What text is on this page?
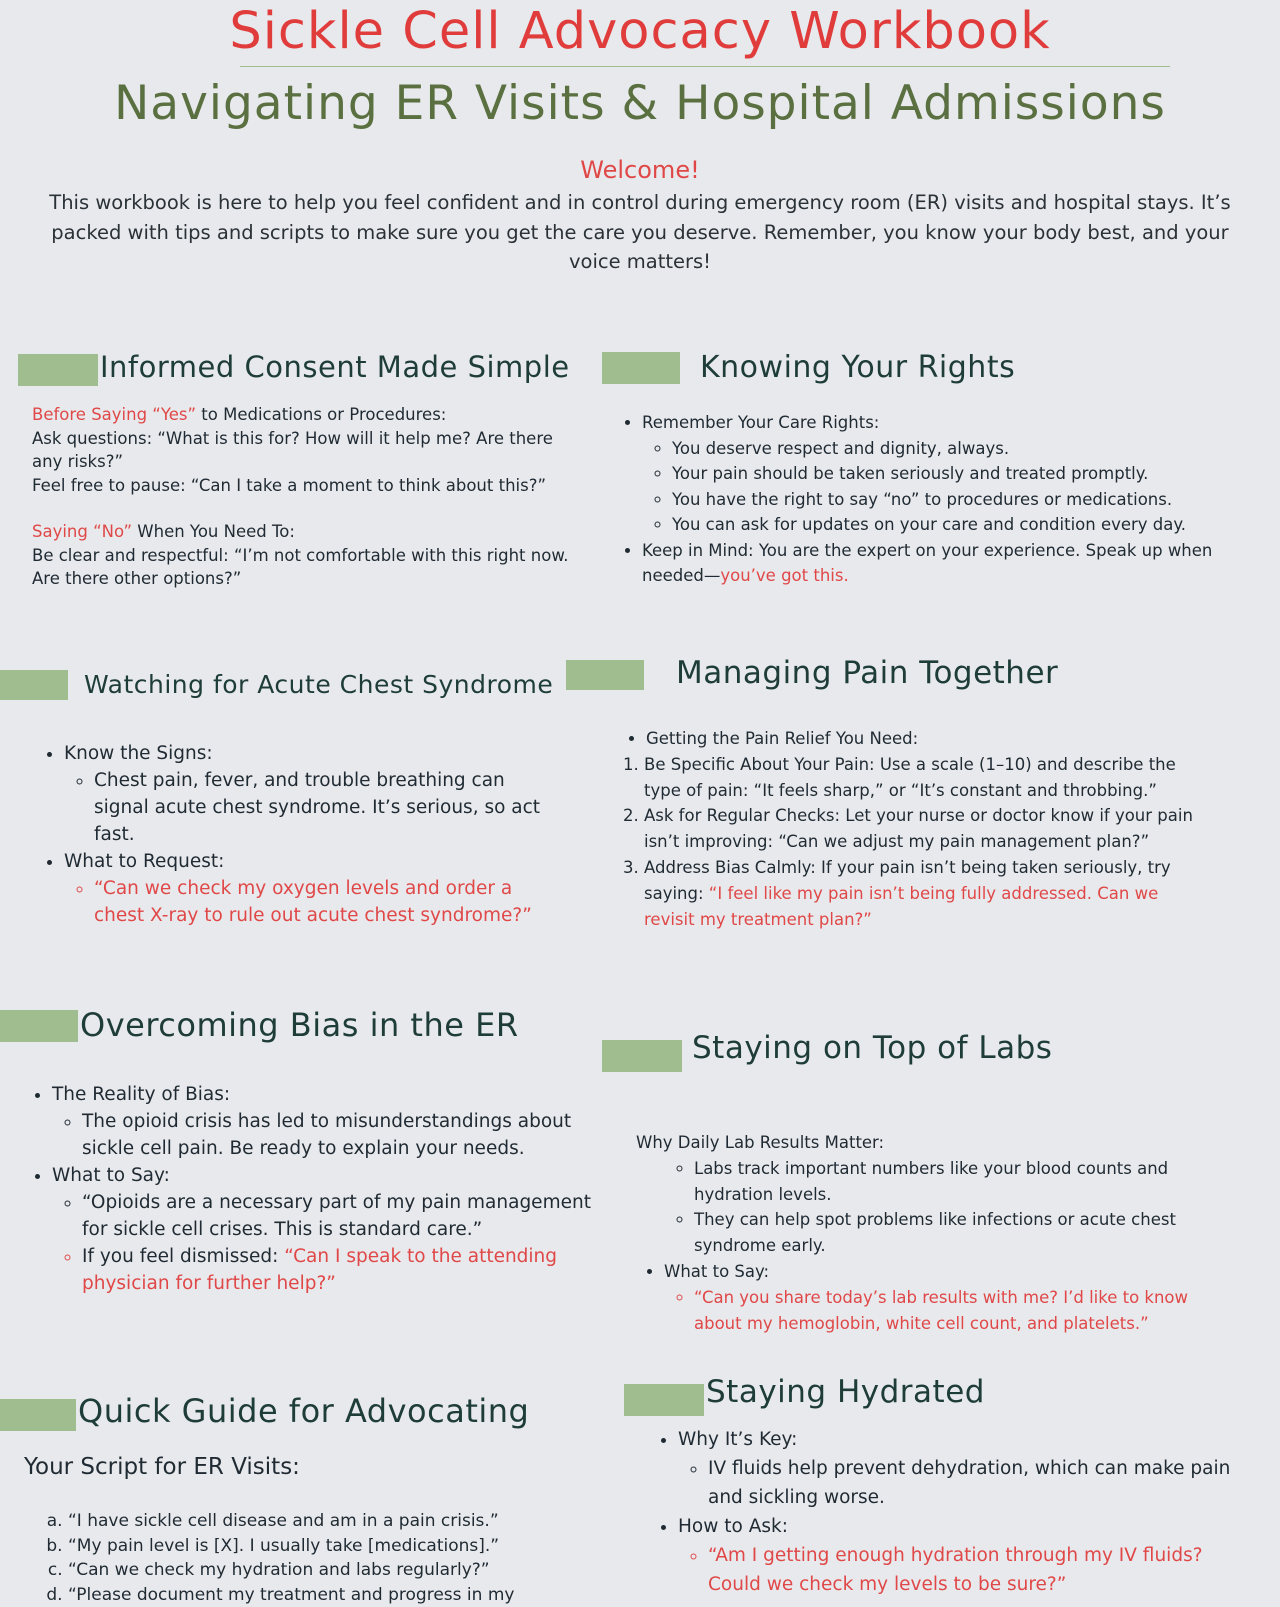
Sickle Cell Advocacy Workbook
Navigating ER Visits & Hospital Admissions
Welcome!

This workbook is here to help you feel confident and in control during emergency room (ER) visits and hospital stays. It’s packed with tips and scripts to make sure you get the care you deserve. Remember, you know your body best, and your voice matters!

Informed Consent Made Simple

Before Saying “Yes” to Medications or Procedures:

Ask questions: “What is this for? How will it help me? Are there any risks?”

Feel free to pause: “Can I take a moment to think about this?”

Saying “No” When You Need To:

Be clear and respectful: “I’m not comfortable with this right now. Are there other options?”

Knowing Your Rights
• Remember Your Care Rights:
◦ You deserve respect and dignity, always.
◦ Your pain should be taken seriously and treated promptly.
◦ You have the right to say “no” to procedures or medications.
◦ You can ask for updates on your care and condition every day.
• Keep in Mind: You are the expert on your experience. Speak up when needed—you’ve got this.
Watching for Acute Chest Syndrome
• Know the Signs:
◦ Chest pain, fever, and trouble breathing can signal acute chest syndrome. It’s serious, so act fast.
• What to Request:
◦ “Can we check my oxygen levels and order a chest X-ray to rule out acute chest syndrome?”
Managing Pain Together
• Getting the Pain Relief You Need:
1. Be Specific About Your Pain: Use a scale (1–10) and describe the type of pain: “It feels sharp,” or “It’s constant and throbbing.”
2. Ask for Regular Checks: Let your nurse or doctor know if your pain isn’t improving: “Can we adjust my pain management plan?”
3. Address Bias Calmly: If your pain isn’t being taken seriously, try saying: “I feel like my pain isn’t being fully addressed. Can we revisit my treatment plan?”
Overcoming Bias in the ER
• The Reality of Bias:
◦ The opioid crisis has led to misunderstandings about sickle cell pain. Be ready to explain your needs.
• What to Say:
◦ “Opioids are a necessary part of my pain management for sickle cell crises. This is standard care.”
◦ If you feel dismissed: “Can I speak to the attending physician for further help?”
Staying on Top of Labs

Why Daily Lab Results Matter:

◦ Labs track important numbers like your blood counts and hydration levels.
◦ They can help spot problems like infections or acute chest syndrome early.
• What to Say:
◦ “Can you share today’s lab results with me? I’d like to know about my hemoglobin, white cell count, and platelets.”
Quick Guide for Advocating
Your Script for ER Visits:
a. “I have sickle cell disease and am in a pain crisis.”
b. “My pain level is [X]. I usually take [medications].”
c. “Can we check my hydration and labs regularly?”
d. “Please document my treatment and progress in my
Staying Hydrated
• Why It’s Key:
◦ IV fluids help prevent dehydration, which can make pain and sickling worse.
• How to Ask:
◦ “Am I getting enough hydration through my IV fluids? Could we check my levels to be sure?”
